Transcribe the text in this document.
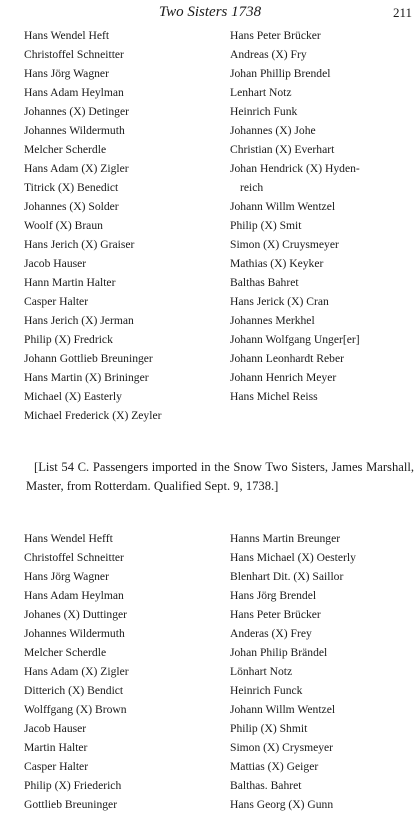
Two Sisters 1738	211
Hans Wendel Heft
Christoffel Schneitter
Hans Jörg Wagner
Hans Adam Heylman
Johannes (X) Detinger
Johannes Wildermuth
Melcher Scherdle
Hans Adam (X) Zigler
Titrick (X) Benedict
Johannes (X) Solder
Woolf (X) Braun
Hans Jerich (X) Graiser
Jacob Hauser
Hann Martin Halter
Casper Halter
Hans Jerich (X) Jerman
Philip (X) Fredrick
Johann Gottlieb Breuninger
Hans Martin (X) Brininger
Michael (X) Easterly
Michael Frederick (X) Zeyler
Hans Peter Brücker
Andreas (X) Fry
Johan Phillip Brendel
Lenhart Notz
Heinrich Funk
Johannes (X) Johe
Christian (X) Everhart
Johan Hendrick (X) Hyden-
reich
Johann Willm Wentzel
Philip (X) Smit
Simon (X) Cruysmeyer
Mathias (X) Keyker
Balthas Bahret
Hans Jerick (X) Cran
Johannes Merkhel
Johann Wolfgang Unger[er]
Johann Leonhardt Reber
Johann Henrich Meyer
Hans Michel Reiss

[List 54 C. Passengers imported in the Snow Two Sisters, James Marshall, Master, from Rotterdam. Qualified Sept. 9, 1738.]

Hans Wendel Hefft
Christoffel Schneitter
Hans Jörg Wagner
Hans Adam Heylman
Johanes (X) Duttinger
Johannes Wildermuth
Melcher Scherdle
Hans Adam (X) Zigler
Ditterich (X) Bendict
Wolffgang (X) Brown
Jacob Hauser
Martin Halter
Casper Halter
Philip (X) Friederich
Gottlieb Breuninger
Hanns Martin Breunger
Hans Michael (X) Oesterly
Blenhart Dit. (X) Saillor
Hans Jörg Brendel
Hans Peter Brücker
Anderas (X) Frey
Johan Philip Brändel
Lönhart Notz
Heinrich Funck
Johann Willm Wentzel
Philip (X) Shmit
Simon (X) Crysmeyer
Mattias (X) Geiger
Balthas. Bahret
Hans Georg (X) Gunn
